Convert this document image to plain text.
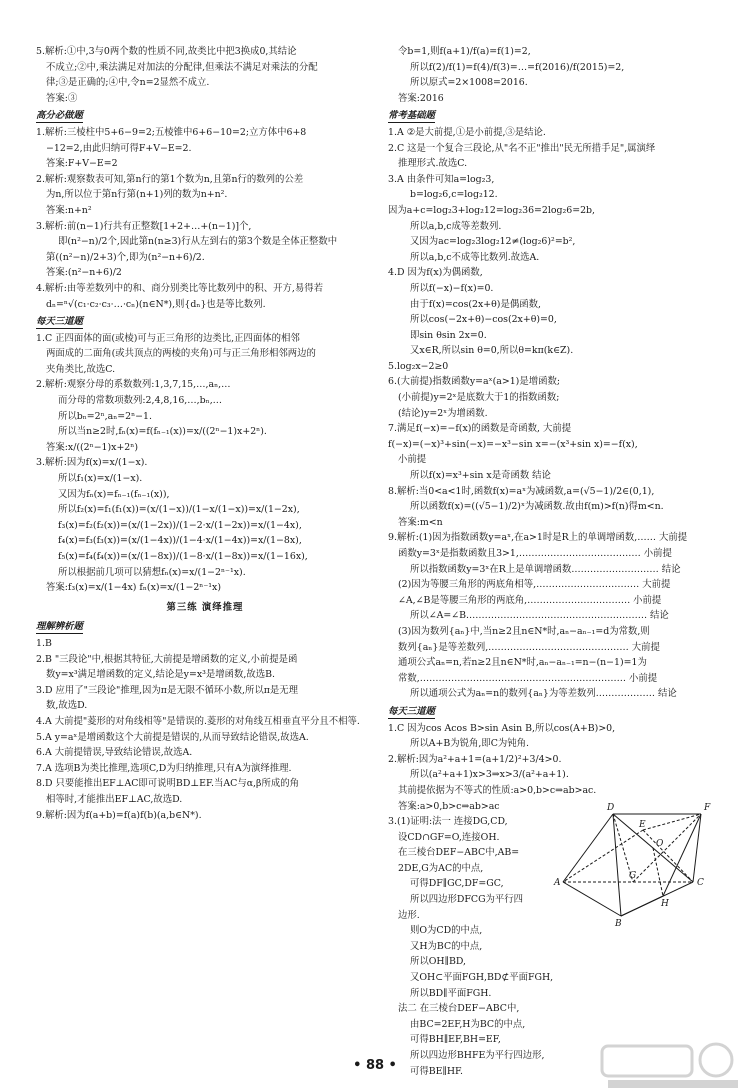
5.解析:①中,3与0两个数的性质不同,故类比中把3换成0,其结论
不成立;②中,乘法满足对加法的分配律,但乘法不满足对乘法的分配
律;③是正确的;④中,令n=2显然不成立.
答案:③
高分必做题
1.解析:三棱柱中5+6−9=2;五棱锥中6+6−10=2;立方体中6+8
−12=2,由此归纳可得F+V−E=2.
答案:F+V−E=2
2.解析:观察数表可知,第n行的第1个数为n,且第n行的数列的公差
为n,所以位于第n行第(n+1)列的数为n+n².
答案:n+n²
3.解析:前(n−1)行共有正整数[1+2+…+(n−1)]个,
即(n²−n)/2个,因此第n(n≥3)行从左到右的第3个数是全体正整数中
第((n²−n)/2+3)个,即为(n²−n+6)/2.
答案:(n²−n+6)/2
4.解析:由等差数列中的和、商分别类比等比数列中的积、开方,易得若
dₙ=ⁿ√(c₁·c₂·c₃·…·cₙ)(n∈N*),则{dₙ}也是等比数列.
每天三道题
1.C 正四面体的面(或棱)可与正三角形的边类比,正四面体的相邻
两面成的二面角(或共顶点的两棱的夹角)可与正三角形相邻两边的
夹角类比,故选C.
2.解析:观察分母的系数数列:1,3,7,15,…,aₙ,…
而分母的常数项数列:2,4,8,16,…,bₙ,…
所以bₙ=2ⁿ,aₙ=2ⁿ−1.
所以当n≥2时,fₙ(x)=f(fₙ₋₁(x))=x/((2ⁿ−1)x+2ⁿ).
答案:x/((2ⁿ−1)x+2ⁿ)
3.解析:因为f(x)=x/(1−x).
所以f₁(x)=x/(1−x).
又因为fₙ(x)=fₙ₋₁(fₙ₋₁(x)),
所以f₂(x)=f₁(f₁(x))=(x/(1−x))/(1−x/(1−x))=x/(1−2x),
f₃(x)=f₂(f₂(x))=(x/(1−2x))/(1−2·x/(1−2x))=x/(1−4x),
f₄(x)=f₃(f₃(x))=(x/(1−4x))/(1−4·x/(1−4x))=x/(1−8x),
f₅(x)=f₄(f₄(x))=(x/(1−8x))/(1−8·x/(1−8x))=x/(1−16x),
所以根据前几项可以猜想fₙ(x)=x/(1−2ⁿ⁻¹x).
答案:f₃(x)=x/(1−4x) fₙ(x)=x/(1−2ⁿ⁻¹x)
第三练 演绎推理
理解辨析题
1.B
2.B "三段论"中,根据其特征,大前提是增函数的定义,小前提是函
数y=x³满足增函数的定义,结论是y=x³是增函数,故选B.
3.D 应用了"三段论"推理,因为π是无限不循环小数,所以π是无理
数,故选D.
4.A 大前提"菱形的对角线相等"是错误的.菱形的对角线互相垂直平分且不相等.
5.A y=aˣ是增函数这个大前提是错误的,从而导致结论错误,故选A.
6.A 大前提错误,导致结论错误,故选A.
7.A 选项B为类比推理,选项C,D为归纳推理,只有A为演绎推理.
8.D 只要能推出EF⊥AC即可说明BD⊥EF.当AC与α,β所成的角
相等时,才能推出EF⊥AC,故选D.
9.解析:因为f(a+b)=f(a)f(b)(a,b∈N*).
令b=1,则f(a+1)/f(a)=f(1)=2,
所以f(2)/f(1)=f(4)/f(3)=…=f(2016)/f(2015)=2,
所以原式=2×1008=2016.
答案:2016
常考基础题
1.A ②是大前提,①是小前提,③是结论.
2.C 这是一个复合三段论,从"名不正"推出"民无所措手足",属演绎
推理形式.故选C.
3.A 由条件可知a=log₂3,
b=log₂6,c=log₂12.
因为a+c=log₂3+log₂12=log₂36=2log₂6=2b,
所以a,b,c成等差数列.
又因为ac=log₂3log₂12≠(log₂6)²=b²,
所以a,b,c不成等比数列.故选A.
4.D 因为f(x)为偶函数,
所以f(−x)−f(x)=0.
由于f(x)=cos(2x+θ)是偶函数,
所以cos(−2x+θ)−cos(2x+θ)=0,
即sin θsin 2x=0.
又x∈R,所以sin θ=0,所以θ=kπ(k∈Z).
5.log₂x−2≥0
6.(大前提)指数函数y=aˣ(a>1)是增函数;
(小前提)y=2ˣ是底数大于1的指数函数;
(结论)y=2ˣ为增函数.
7.满足f(−x)=−f(x)的函数是奇函数, 大前提
f(−x)=(−x)³+sin(−x)=−x³−sin x=−(x³+sin x)=−f(x),
小前提
所以f(x)=x³+sin x是奇函数 结论
8.解析:当0<a<1时,函数f(x)=aˣ为减函数,a=(√5−1)/2∈(0,1),
所以函数f(x)=((√5−1)/2)ˣ为减函数.故由f(m)>f(n)得m<n.
答案:m<n
9.解析:(1)因为指数函数y=aˣ,在a>1时是R上的单调增函数,…… 大前提
函数y=3ˣ是指数函数且3>1,………………………………… 小前提
所以指数函数y=3ˣ在R上是单调增函数.……………………… 结论
(2)因为等腰三角形的两底角相等,…………………………… 大前提
∠A,∠B是等腰三角形的两底角,…………………………… 小前提
所以∠A=∠B.………………………………………………… 结论
(3)因为数列{aₙ}中,当n≥2且n∈N*时,aₙ−aₙ₋₁=d为常数,则
数列{aₙ}是等差数列,……………………………………… 大前提
通项公式aₙ=n,若n≥2且n∈N*时,aₙ−aₙ₋₁=n−(n−1)=1为
常数,………………………………………………………… 小前提
所以通项公式为aₙ=n的数列{aₙ}为等差数列.……………… 结论
每天三道题
1.C 因为cos Acos B>sin Asin B,所以cos(A+B)>0,
所以A+B为锐角,即C为钝角.
2.解析:因为a²+a+1=(a+1/2)²+3/4>0.
所以(a²+a+1)x>3⇒x>3/(a²+a+1).
其前提依据为不等式的性质:a>0,b>c⇒ab>ac.
答案:a>0,b>c⇒ab>ac
3.(1)证明:法一 连接DG,CD,
设CD∩GF=O,连接OH.
在三棱台DEF−ABC中,AB=
2DE,G为AC的中点,
可得DF∥GC,DF=GC,
所以四边形DFCG为平行四
边形.
则O为CD的中点,
又H为BC的中点,
所以OH∥BD,
又OH⊂平面FGH,BD⊄平面FGH,
所以BD∥平面FGH.
法二 在三棱台DEF−ABC中,
由BC=2EF,H为BC的中点,
可得BH∥EF,BH=EF,
所以四边形BHFE为平行四边形,
可得BE∥HF.
D
E
F
O
G
A	C
H
B
• 88 •
